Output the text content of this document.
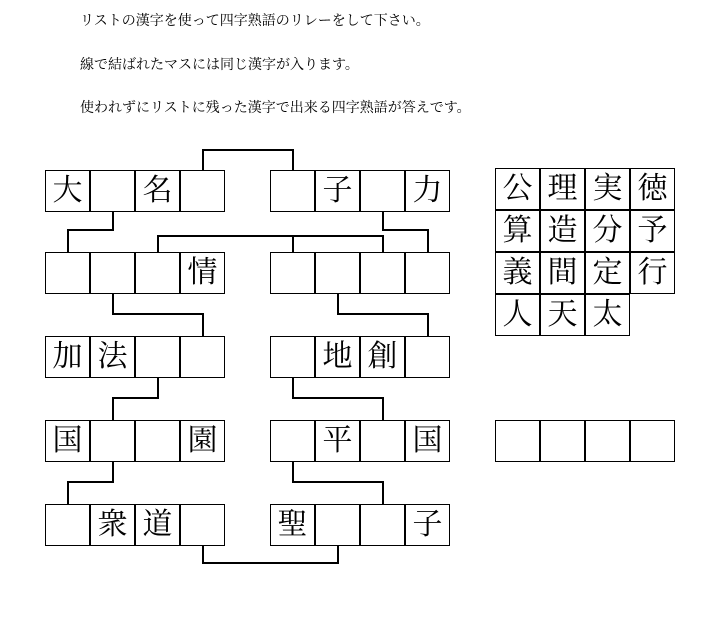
リストの漢字を使って四字熟語のリレーをして下さい。
線で結ばれたマスには同じ漢字が入ります。
使われずにリストに残った漢字で出来る四字熟語が答えです。
大 名
情
加 法
国	園
衆 道
子 力
地 創
平 国
聖	子
公 理 実 徳
算 造 分 予
義 間 定 行
人 天 太
